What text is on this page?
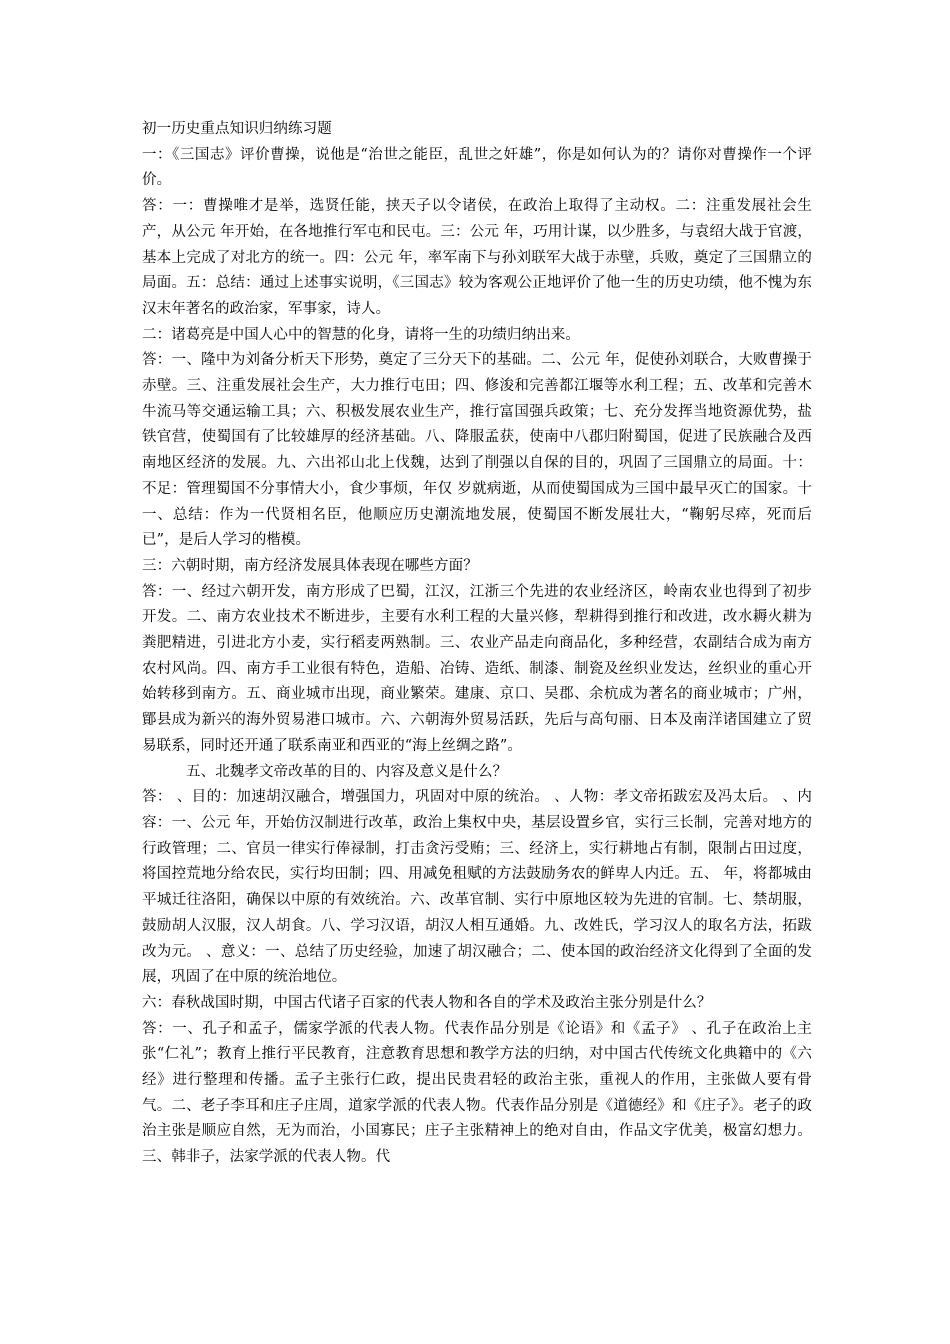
初一历史重点知识归纳练习题

一：《三国志》评价曹操，说他是“治世之能臣，乱世之奸雄”，你是如何认为的？请你对曹操作一个评价。

答：一：曹操唯才是举，选贤任能，挟天子以令诸侯，在政治上取得了主动权。二：注重发展社会生产，从公元 年开始，在各地推行军屯和民屯。三：公元 年，巧用计谋，以少胜多，与袁绍大战于官渡，基本上完成了对北方的统一。四：公元 年，率军南下与孙刘联军大战于赤壁，兵败，奠定了三国鼎立的局面。五：总结：通过上述事实说明，《三国志》较为客观公正地评价了他一生的历史功绩，他不愧为东汉末年著名的政治家，军事家，诗人。

二：诸葛亮是中国人心中的智慧的化身，请将一生的功绩归纳出来。

答：一、隆中为刘备分析天下形势，奠定了三分天下的基础。二、公元 年，促使孙刘联合，大败曹操于赤壁。三、注重发展社会生产，大力推行屯田；四、修浚和完善都江堰等水利工程；五、改革和完善木牛流马等交通运输工具；六、积极发展农业生产，推行富国强兵政策；七、充分发挥当地资源优势，盐铁官营，使蜀国有了比较雄厚的经济基础。八、降服孟获，使南中八郡归附蜀国，促进了民族融合及西南地区经济的发展。九、六出祁山北上伐魏，达到了削强以自保的目的，巩固了三国鼎立的局面。十：不足：管理蜀国不分事情大小，食少事烦，年仅 岁就病逝，从而使蜀国成为三国中最早灭亡的国家。十一、总结：作为一代贤相名臣，他顺应历史潮流地发展，使蜀国不断发展壮大，“鞠躬尽瘁，死而后已”，是后人学习的楷模。

三：六朝时期，南方经济发展具体表现在哪些方面？

答：一、经过六朝开发，南方形成了巴蜀，江汉，江浙三个先进的农业经济区，岭南农业也得到了初步开发。二、南方农业技术不断进步，主要有水利工程的大量兴修，犁耕得到推行和改进，改水耨火耕为粪肥精进，引进北方小麦，实行稻麦两熟制。三、农业产品走向商品化，多种经营，农副结合成为南方农村风尚。四、南方手工业很有特色，造船、冶铸、造纸、制漆、制瓷及丝织业发达，丝织业的重心开始转移到南方。五、商业城市出现，商业繁荣。建康、京口、吴郡、余杭成为著名的商业城市；广州，鄮县成为新兴的海外贸易港口城市。六、六朝海外贸易活跃，先后与高句丽、日本及南洋诸国建立了贸易联系，同时还开通了联系南亚和西亚的“海上丝绸之路”。

五、北魏孝文帝改革的目的、内容及意义是什么？

答： 、目的：加速胡汉融合，增强国力，巩固对中原的统治。 、人物：孝文帝拓跋宏及冯太后。 、内容：一、公元 年，开始仿汉制进行改革，政治上集权中央，基层设置乡官，实行三长制，完善对地方的行政管理；二、官员一律实行俸禄制，打击贪污受贿；三、经济上，实行耕地占有制，限制占田过度，将国控荒地分给农民，实行均田制；四、用减免租赋的方法鼓励务农的鲜卑人内迁。五、 年，将都城由平城迁往洛阳，确保以中原的有效统治。六、改革官制、实行中原地区较为先进的官制。七、禁胡服，鼓励胡人汉服，汉人胡食。八、学习汉语，胡汉人相互通婚。九、改姓氏，学习汉人的取名方法，拓跋改为元。 、意义：一、总结了历史经验，加速了胡汉融合；二、使本国的政治经济文化得到了全面的发展，巩固了在中原的统治地位。

六：春秋战国时期，中国古代诸子百家的代表人物和各自的学术及政治主张分别是什么？

答：一、孔子和孟子，儒家学派的代表人物。代表作品分别是《论语》和《孟子》 、孔子在政治上主张“仁礼”；教育上推行平民教育，注意教育思想和教学方法的归纳，对中国古代传统文化典籍中的《六经》进行整理和传播。孟子主张行仁政，提出民贵君轻的政治主张，重视人的作用，主张做人要有骨气。二、老子李耳和庄子庄周，道家学派的代表人物。代表作品分别是《道德经》和《庄子》。老子的政治主张是顺应自然，无为而治，小国寡民；庄子主张精神上的绝对自由，作品文字优美，极富幻想力。三、韩非子，法家学派的代表人物。代
